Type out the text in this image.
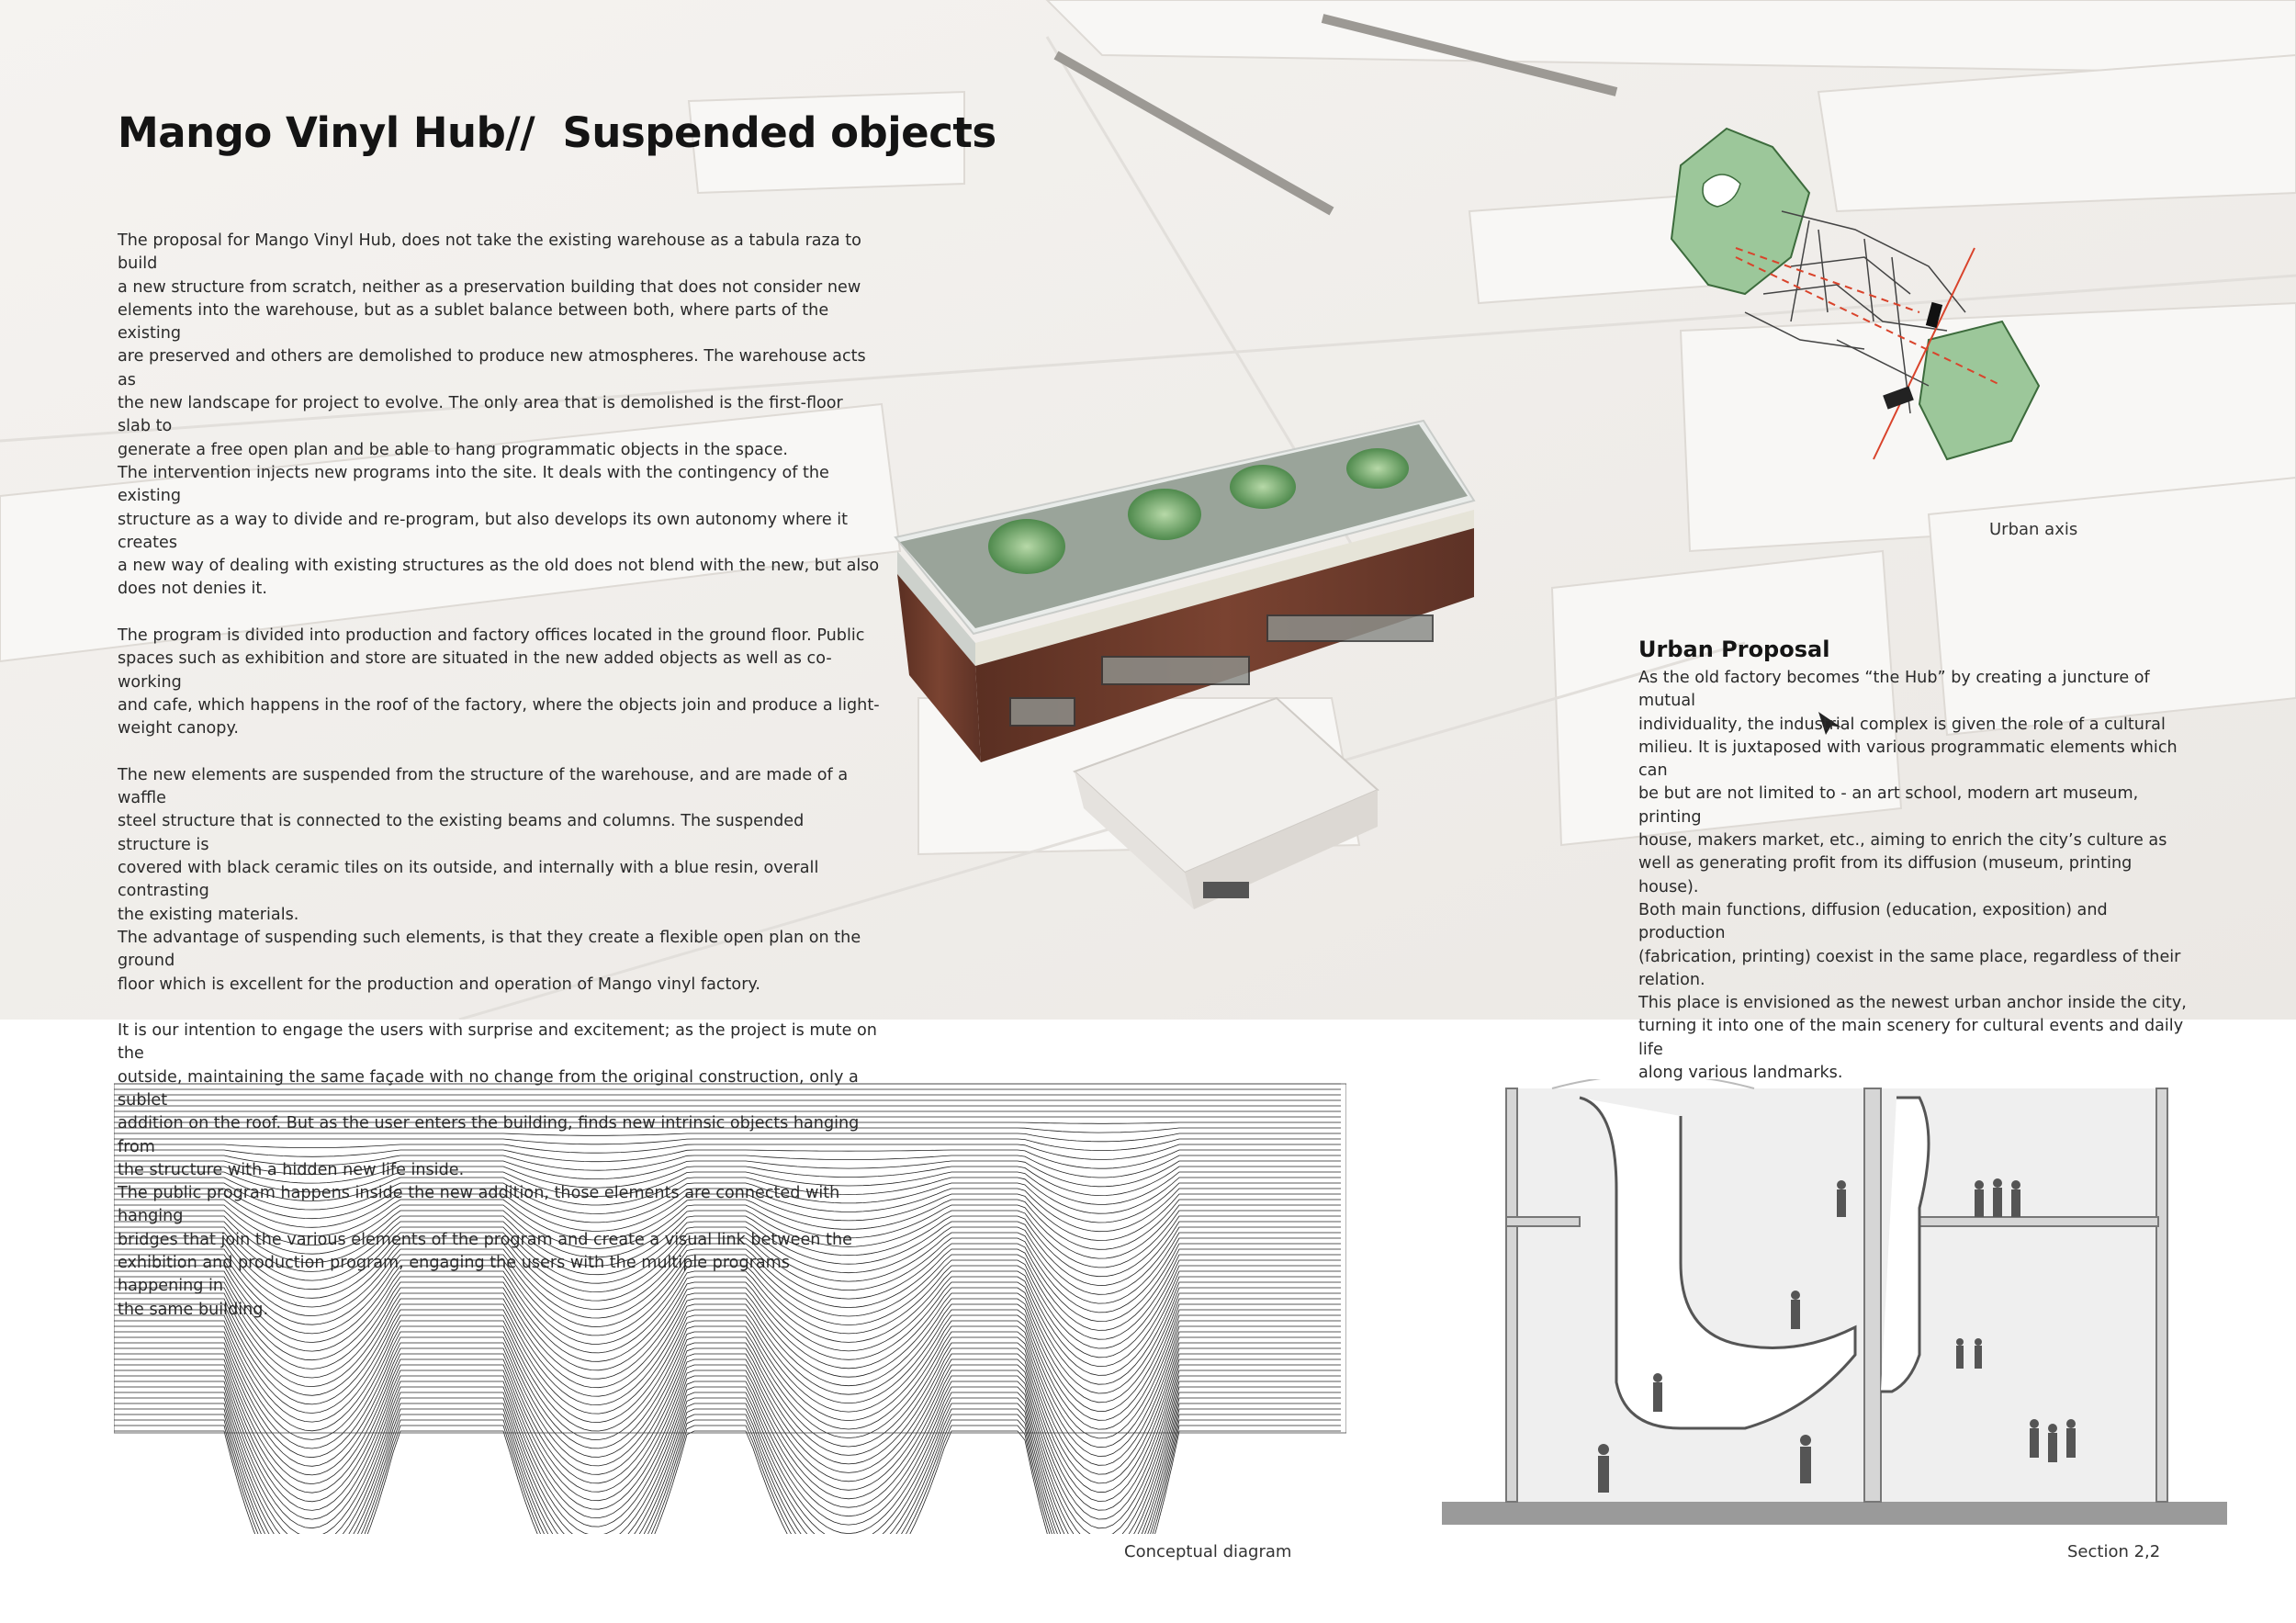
Mango Vinyl Hub//  Suspended objects

The proposal for Mango Vinyl Hub, does not take the existing warehouse as a tabula raza to build
a new structure from scratch, neither as a preservation building that does not consider new
elements into the warehouse, but as a sublet balance between both, where parts of the existing
are preserved and others are demolished to produce new atmospheres. The warehouse acts as
the new landscape for project to evolve. The only area that is demolished is the first-floor slab to
generate a free open plan and be able to hang programmatic objects in the space.
The intervention injects new programs into the site. It deals with the contingency of the existing
structure as a way to divide and re-program, but also develops its own autonomy where it creates
a new way of dealing with existing structures as the old does not blend with the new, but also
does not denies it.

The program is divided into production and factory offices located in the ground floor. Public
spaces such as exhibition and store are situated in the new added objects as well as co-working
and cafe, which happens in the roof of the factory, where the objects join and produce a light-
weight canopy.

The new elements are suspended from the structure of the warehouse, and are made of a waffle
steel structure that is connected to the existing beams and columns. The suspended structure is
covered with black ceramic tiles on its outside, and internally with a blue resin, overall contrasting
the existing materials.
The advantage of suspending such elements, is that they create a flexible open plan on the ground
floor which is excellent for the production and operation of Mango vinyl factory.

It is our intention to engage the users with surprise and excitement; as the project is mute on the
outside, maintaining the same façade with no change from the original construction, only a sublet
addition on the roof. But as the user enters the building, finds new intrinsic objects hanging from
the structure with a hidden new life inside.
The public program happens inside the new addition, those elements are connected with hanging
bridges that join the various elements of the program and create a visual link between the
exhibition and production program, engaging the users with the multiple programs happening in
the same building.

Urban axis
Urban Proposal
As the old factory becomes “the Hub” by creating a juncture of mutual
individuality, the industrial complex is given the role of a cultural
milieu. It is juxtaposed with various programmatic elements which can
be but are not limited to - an art school, modern art museum, printing
house, makers market, etc., aiming to enrich the city’s culture as
well as generating profit from its diffusion (museum, printing house).
Both main functions, diffusion (education, exposition) and production
(fabrication, printing) coexist in the same place, regardless of their
relation.
This place is envisioned as the newest urban anchor inside the city,
turning it into one of the main scenery for cultural events and daily life
along various landmarks.
Conceptual diagram	Section 2,2
